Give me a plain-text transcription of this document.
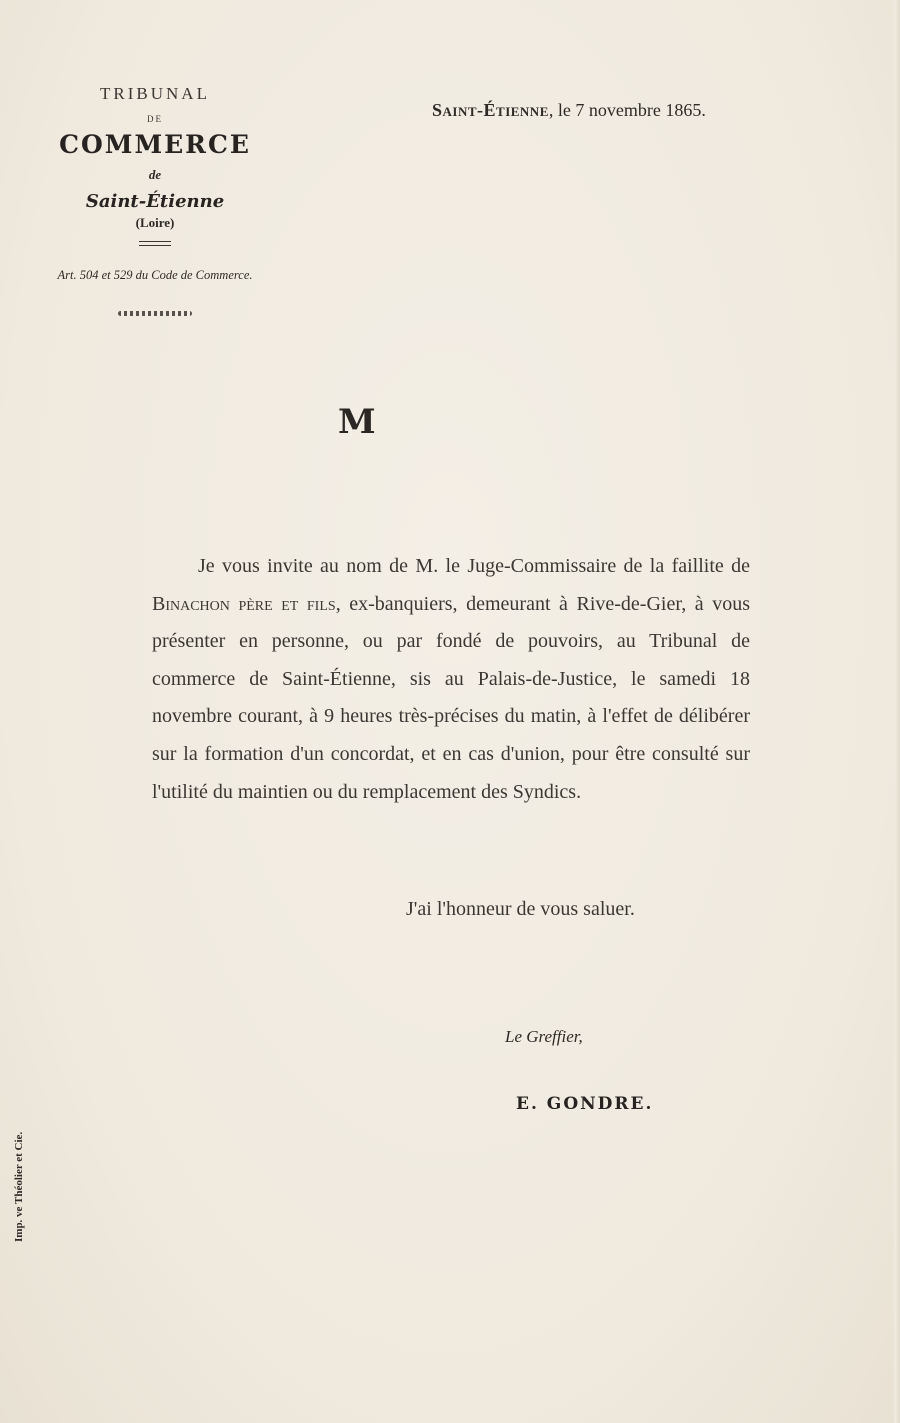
TRIBUNAL
DE
COMMERCE
de
Saint-Étienne
(Loire)
Art. 504 et 529 du Code de Commerce.
Saint-Étienne, le 7 novembre 1865.
M

Je vous invite au nom de M. le Juge-Commissaire de la faillite de Binachon père et fils, ex-banquiers, demeurant à Rive-de-Gier, à vous présenter en personne, ou par fondé de pouvoirs, au Tribunal de commerce de Saint-Étienne, sis au Palais-de-Justice, le samedi 18 novembre courant, à 9 heures très-précises du matin, à l'effet de délibérer sur la formation d'un concordat, et en cas d'union, pour être consulté sur l'utilité du maintien ou du remplacement des Syndics.

J'ai l'honneur de vous saluer.
Le Greffier,
E. GONDRE.
Imp. ve Théolier et Cie.
